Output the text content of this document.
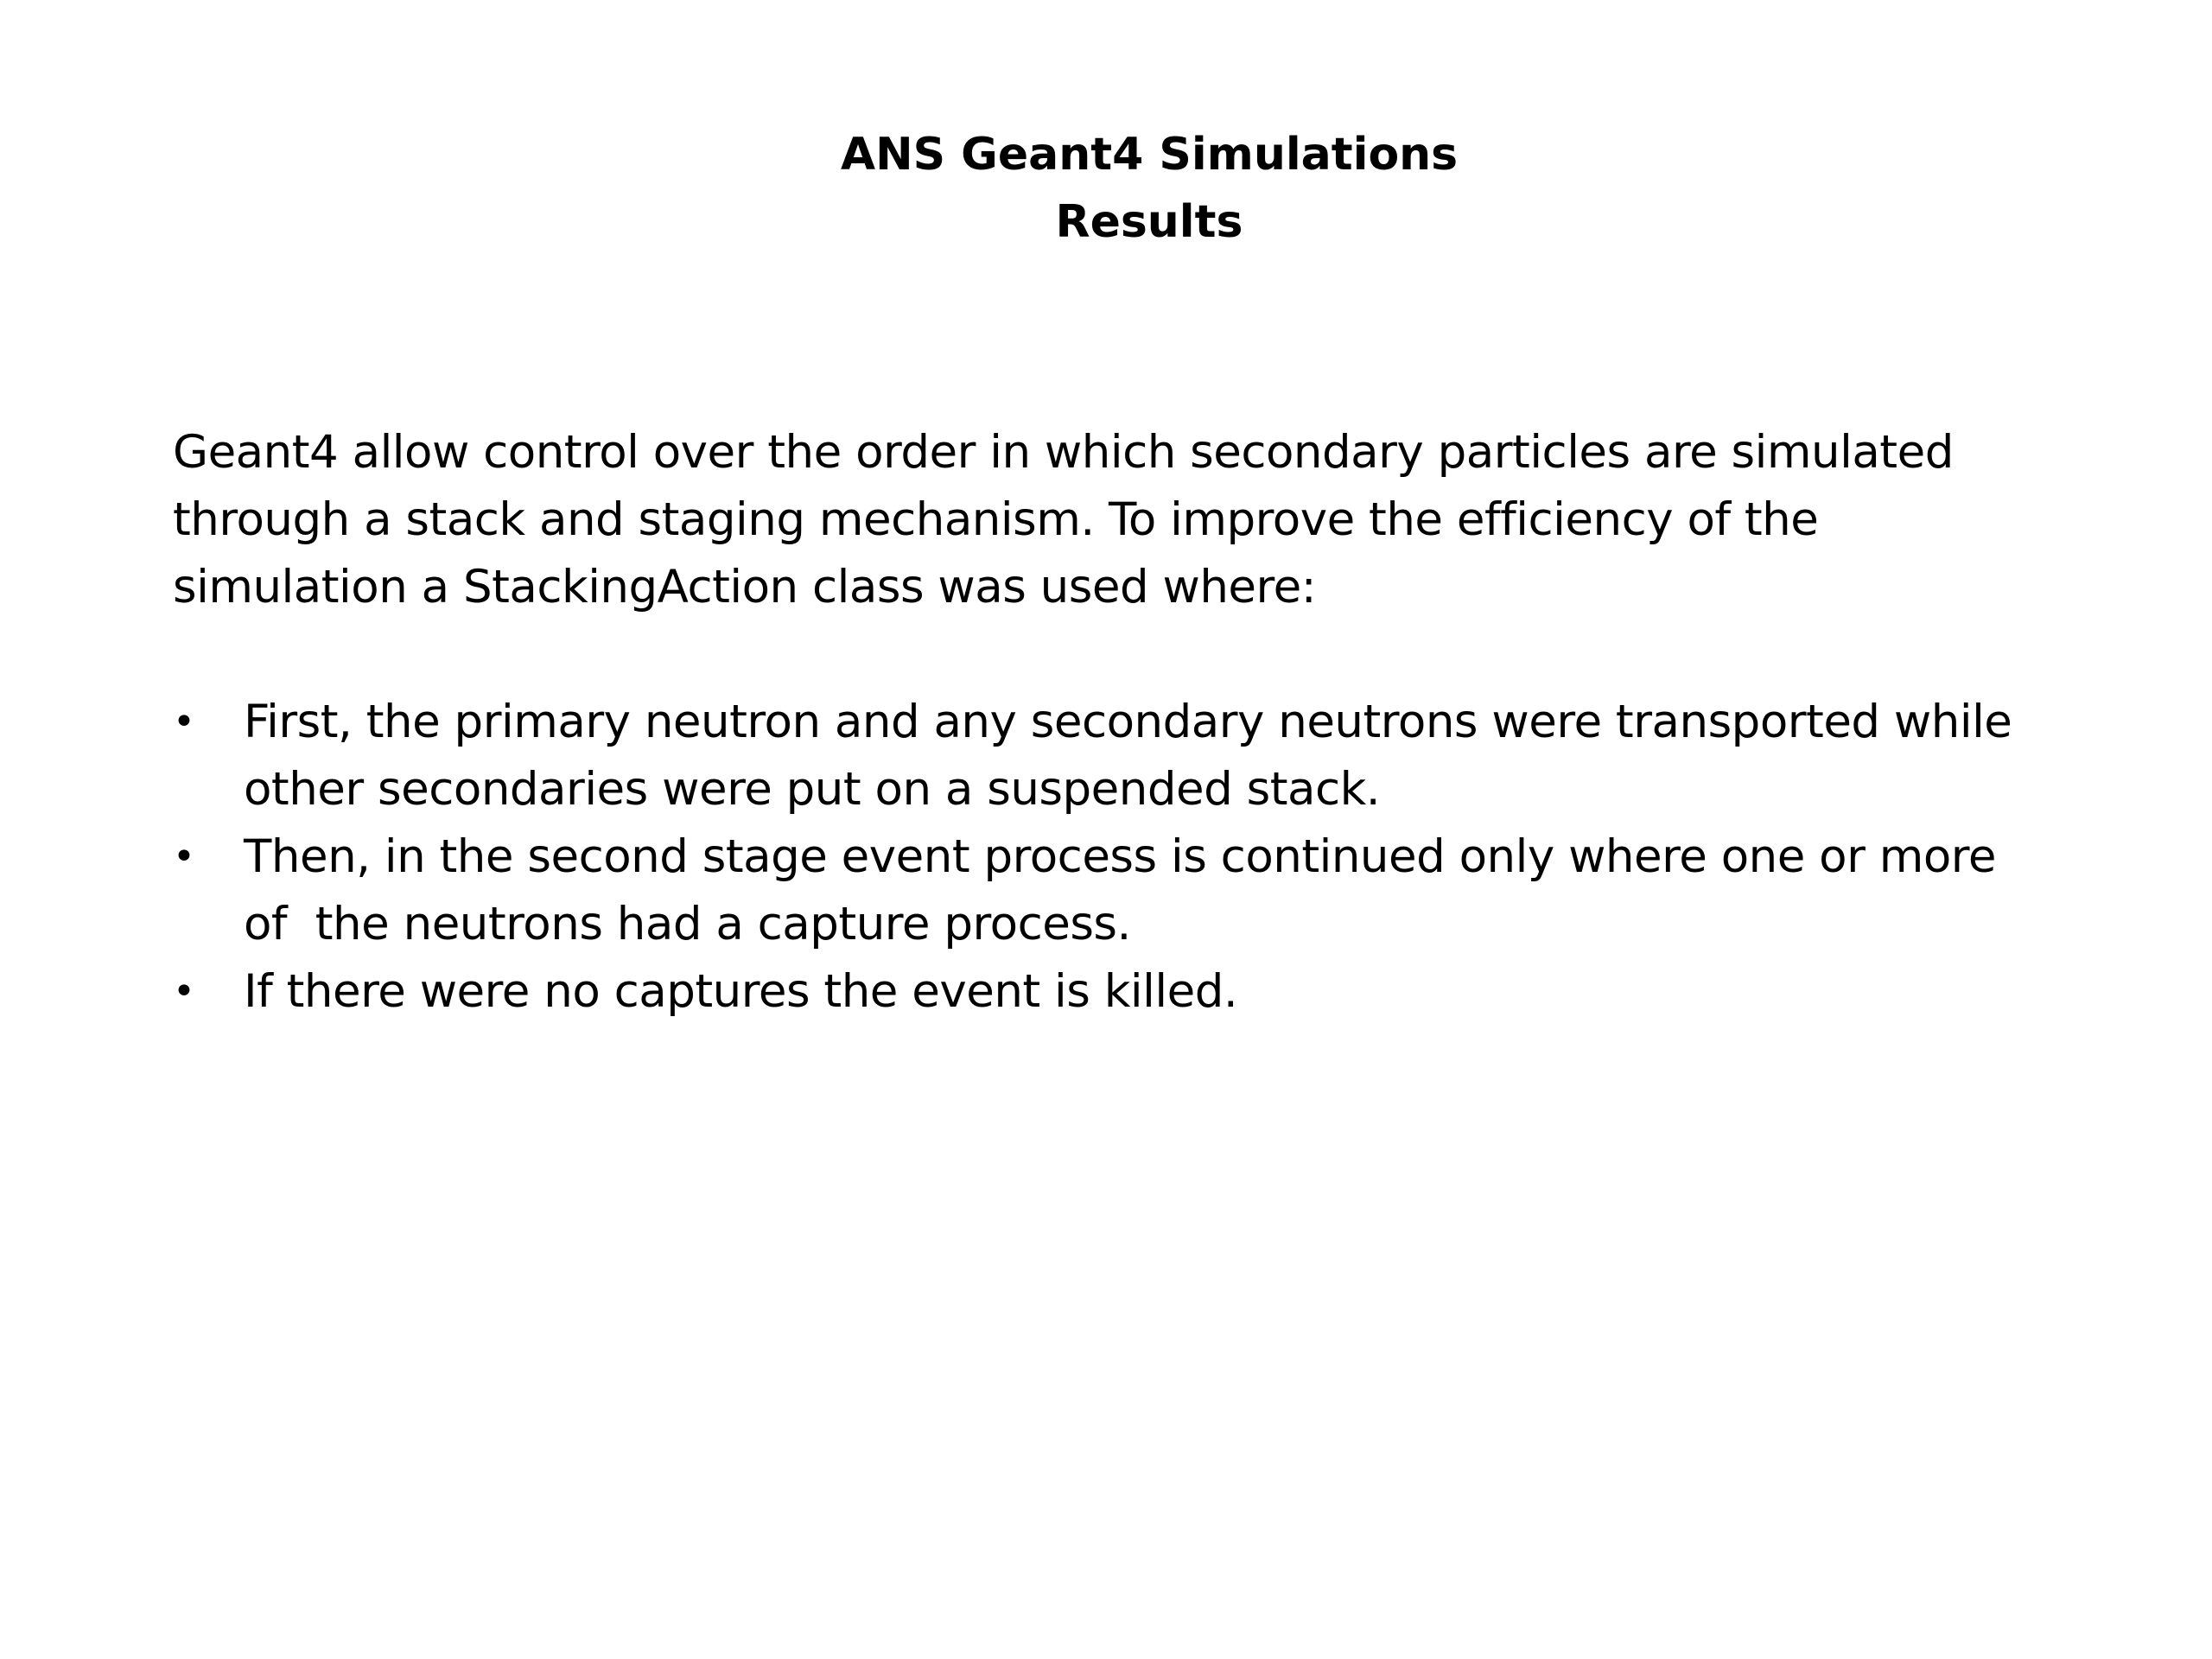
ANS Geant4 Simulations
Results
Geant4 allow control over the order in which secondary particles are simulated
through a stack and staging mechanism. To improve the efficiency of the
simulation a StackingAction class was used where:
• First, the primary neutron and any secondary neutrons were transported while
other secondaries were put on a suspended stack.
• Then, in the second stage event process is continued only where one or more
of  the neutrons had a capture process.
• If there were no captures the event is killed.
